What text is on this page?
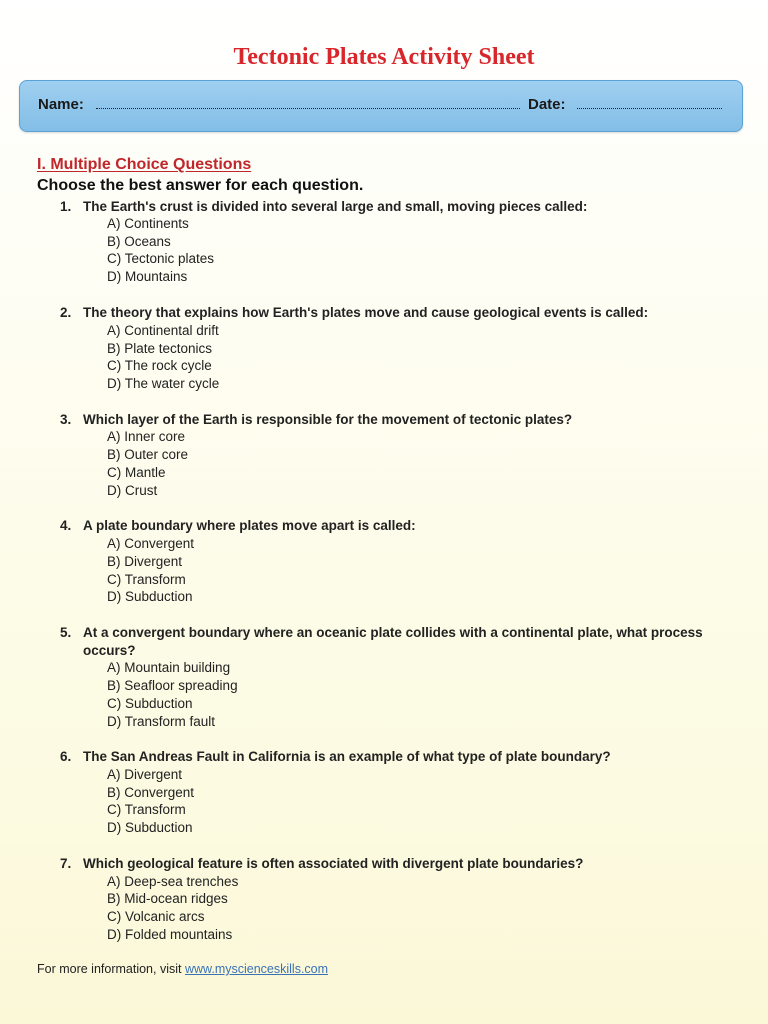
Tectonic Plates Activity Sheet
Name:	Date:
I. Multiple Choice Questions
Choose the best answer for each question.
1. The Earth's crust is divided into several large and small, moving pieces called:
A) Continents
B) Oceans
C) Tectonic plates
D) Mountains
2. The theory that explains how Earth's plates move and cause geological events is called:
A) Continental drift
B) Plate tectonics
C) The rock cycle
D) The water cycle
3. Which layer of the Earth is responsible for the movement of tectonic plates?
A) Inner core
B) Outer core
C) Mantle
D) Crust
4. A plate boundary where plates move apart is called:
A) Convergent
B) Divergent
C) Transform
D) Subduction
5. At a convergent boundary where an oceanic plate collides with a continental plate, what process occurs?
A) Mountain building
B) Seafloor spreading
C) Subduction
D) Transform fault
6. The San Andreas Fault in California is an example of what type of plate boundary?
A) Divergent
B) Convergent
C) Transform
D) Subduction
7. Which geological feature is often associated with divergent plate boundaries?
A) Deep-sea trenches
B) Mid-ocean ridges
C) Volcanic arcs
D) Folded mountains
For more information, visit www.myscienceskills.com
